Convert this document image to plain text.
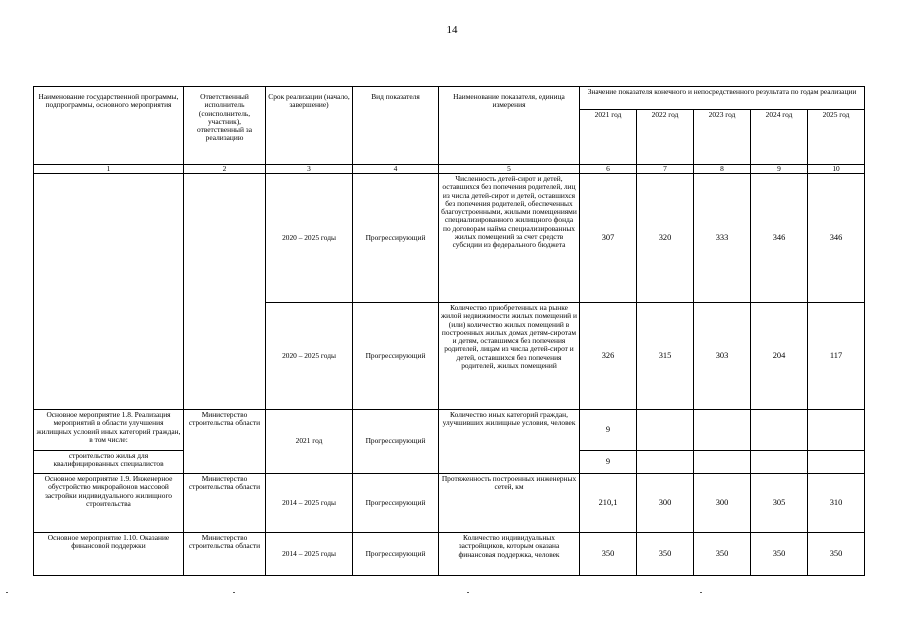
14
Наименование государственной программы, подпрограммы, основного мероприятия	Ответственный исполнитель (соисполнитель, участник), ответственный за реализацию	Срок реализации (начало, завершение)	Вид показателя	Наименование показателя, единица измерения	Значение показателя конечного и непосредственного результата по годам реализации				
					2021 год	2022 год	2023 год	2024 год	2025 год
1	2	3	4	5	6	7	8	9	10
		2020 – 2025 годы	Прогрессирующий	Численность детей-сирот и детей, оставшихся без попечения родителей, лиц из числа детей-сирот и детей, оставшихся без попечения родителей, обеспеченных благоустроенными, жилыми помещениями специализированного жилищного фонда по договорам найма специализированных жилых помещений за счет средств субсидии из федерального бюджета	307	320	333	346	346
		2020 – 2025 годы	Прогрессирующий	Количество приобретенных на рынке жилой недвижимости жилых помещений и (или) количество жилых помещений в построенных жилых домах детям-сиротам и детям, оставшимся без попечения родителей, лицам из числа детей-сирот и детей, оставшихся без попечения родителей, жилых помещений	326	315	303	204	117
Основное мероприятие 1.8. Реализация мероприятий в области улучшения жилищных условий иных категорий граждан, в том числе:	Министерство строительства области	2021 год	Прогрессирующий	Количество иных категорий граждан, улучшивших жилищные условия, человек	9				
строительство жилья для квалифицированных специалистов					9				
Основное мероприятие 1.9. Инженерное обустройство микрорайонов массовой застройки индивидуального жилищного строительства	Министерство строительства области	2014 – 2025 годы	Прогрессирующий	Протяженность построенных инженерных сетей, км	210,1	300	300	305	310
Основное мероприятие 1.10. Оказание финансовой поддержки	Министерство строительства области	2014 – 2025 годы	Прогрессирующий	Количество индивидуальных застройщиков, которым оказана финансовая поддержка, человек	350	350	350	350	350
